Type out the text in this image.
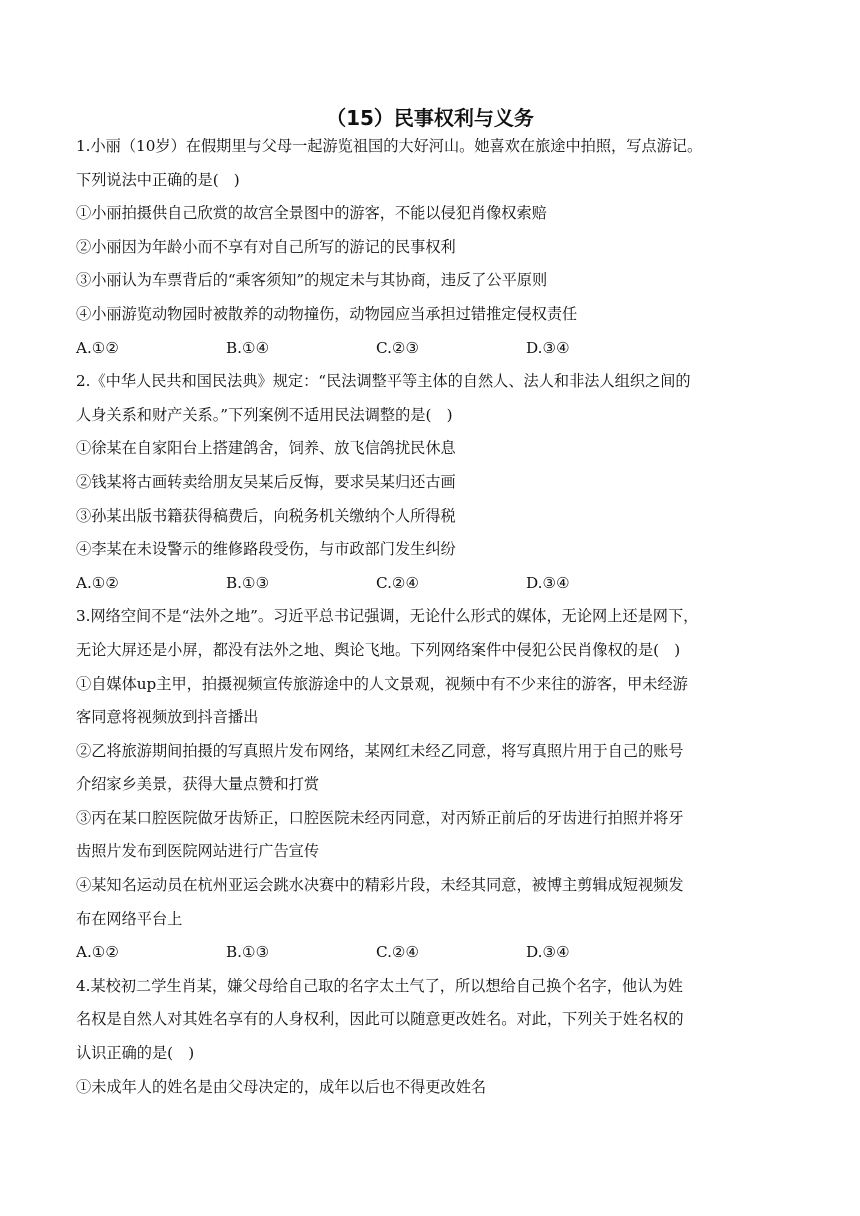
（15）民事权利与义务
1.小丽（10岁）在假期里与父母一起游览祖国的大好河山。她喜欢在旅途中拍照，写点游记。
下列说法中正确的是(　)
①小丽拍摄供自己欣赏的故宫全景图中的游客，不能以侵犯肖像权索赔
②小丽因为年龄小而不享有对自己所写的游记的民事权利
③小丽认为车票背后的“乘客须知”的规定未与其协商，违反了公平原则
④小丽游览动物园时被散养的动物撞伤，动物园应当承担过错推定侵权责任
A.①②	B.①④	C.②③	D.③④
2.《中华人民共和国民法典》规定：“民法调整平等主体的自然人、法人和非法人组织之间的
人身关系和财产关系。”下列案例不适用民法调整的是(　)
①徐某在自家阳台上搭建鸽舍，饲养、放飞信鸽扰民休息
②钱某将古画转卖给朋友吴某后反悔，要求吴某归还古画
③孙某出版书籍获得稿费后，向税务机关缴纳个人所得税
④李某在未设警示的维修路段受伤，与市政部门发生纠纷
A.①②	B.①③	C.②④	D.③④
3.网络空间不是“法外之地”。习近平总书记强调，无论什么形式的媒体，无论网上还是网下，
无论大屏还是小屏，都没有法外之地、舆论飞地。下列网络案件中侵犯公民肖像权的是(　)
①自媒体up主甲，拍摄视频宣传旅游途中的人文景观，视频中有不少来往的游客，甲未经游
客同意将视频放到抖音播出
②乙将旅游期间拍摄的写真照片发布网络，某网红未经乙同意，将写真照片用于自己的账号
介绍家乡美景，获得大量点赞和打赏
③丙在某口腔医院做牙齿矫正，口腔医院未经丙同意，对丙矫正前后的牙齿进行拍照并将牙
齿照片发布到医院网站进行广告宣传
④某知名运动员在杭州亚运会跳水决赛中的精彩片段，未经其同意，被博主剪辑成短视频发
布在网络平台上
A.①②	B.①③	C.②④	D.③④
4.某校初二学生肖某，嫌父母给自己取的名字太土气了，所以想给自己换个名字，他认为姓
名权是自然人对其姓名享有的人身权利，因此可以随意更改姓名。对此，下列关于姓名权的
认识正确的是(　)
①未成年人的姓名是由父母决定的，成年以后也不得更改姓名
